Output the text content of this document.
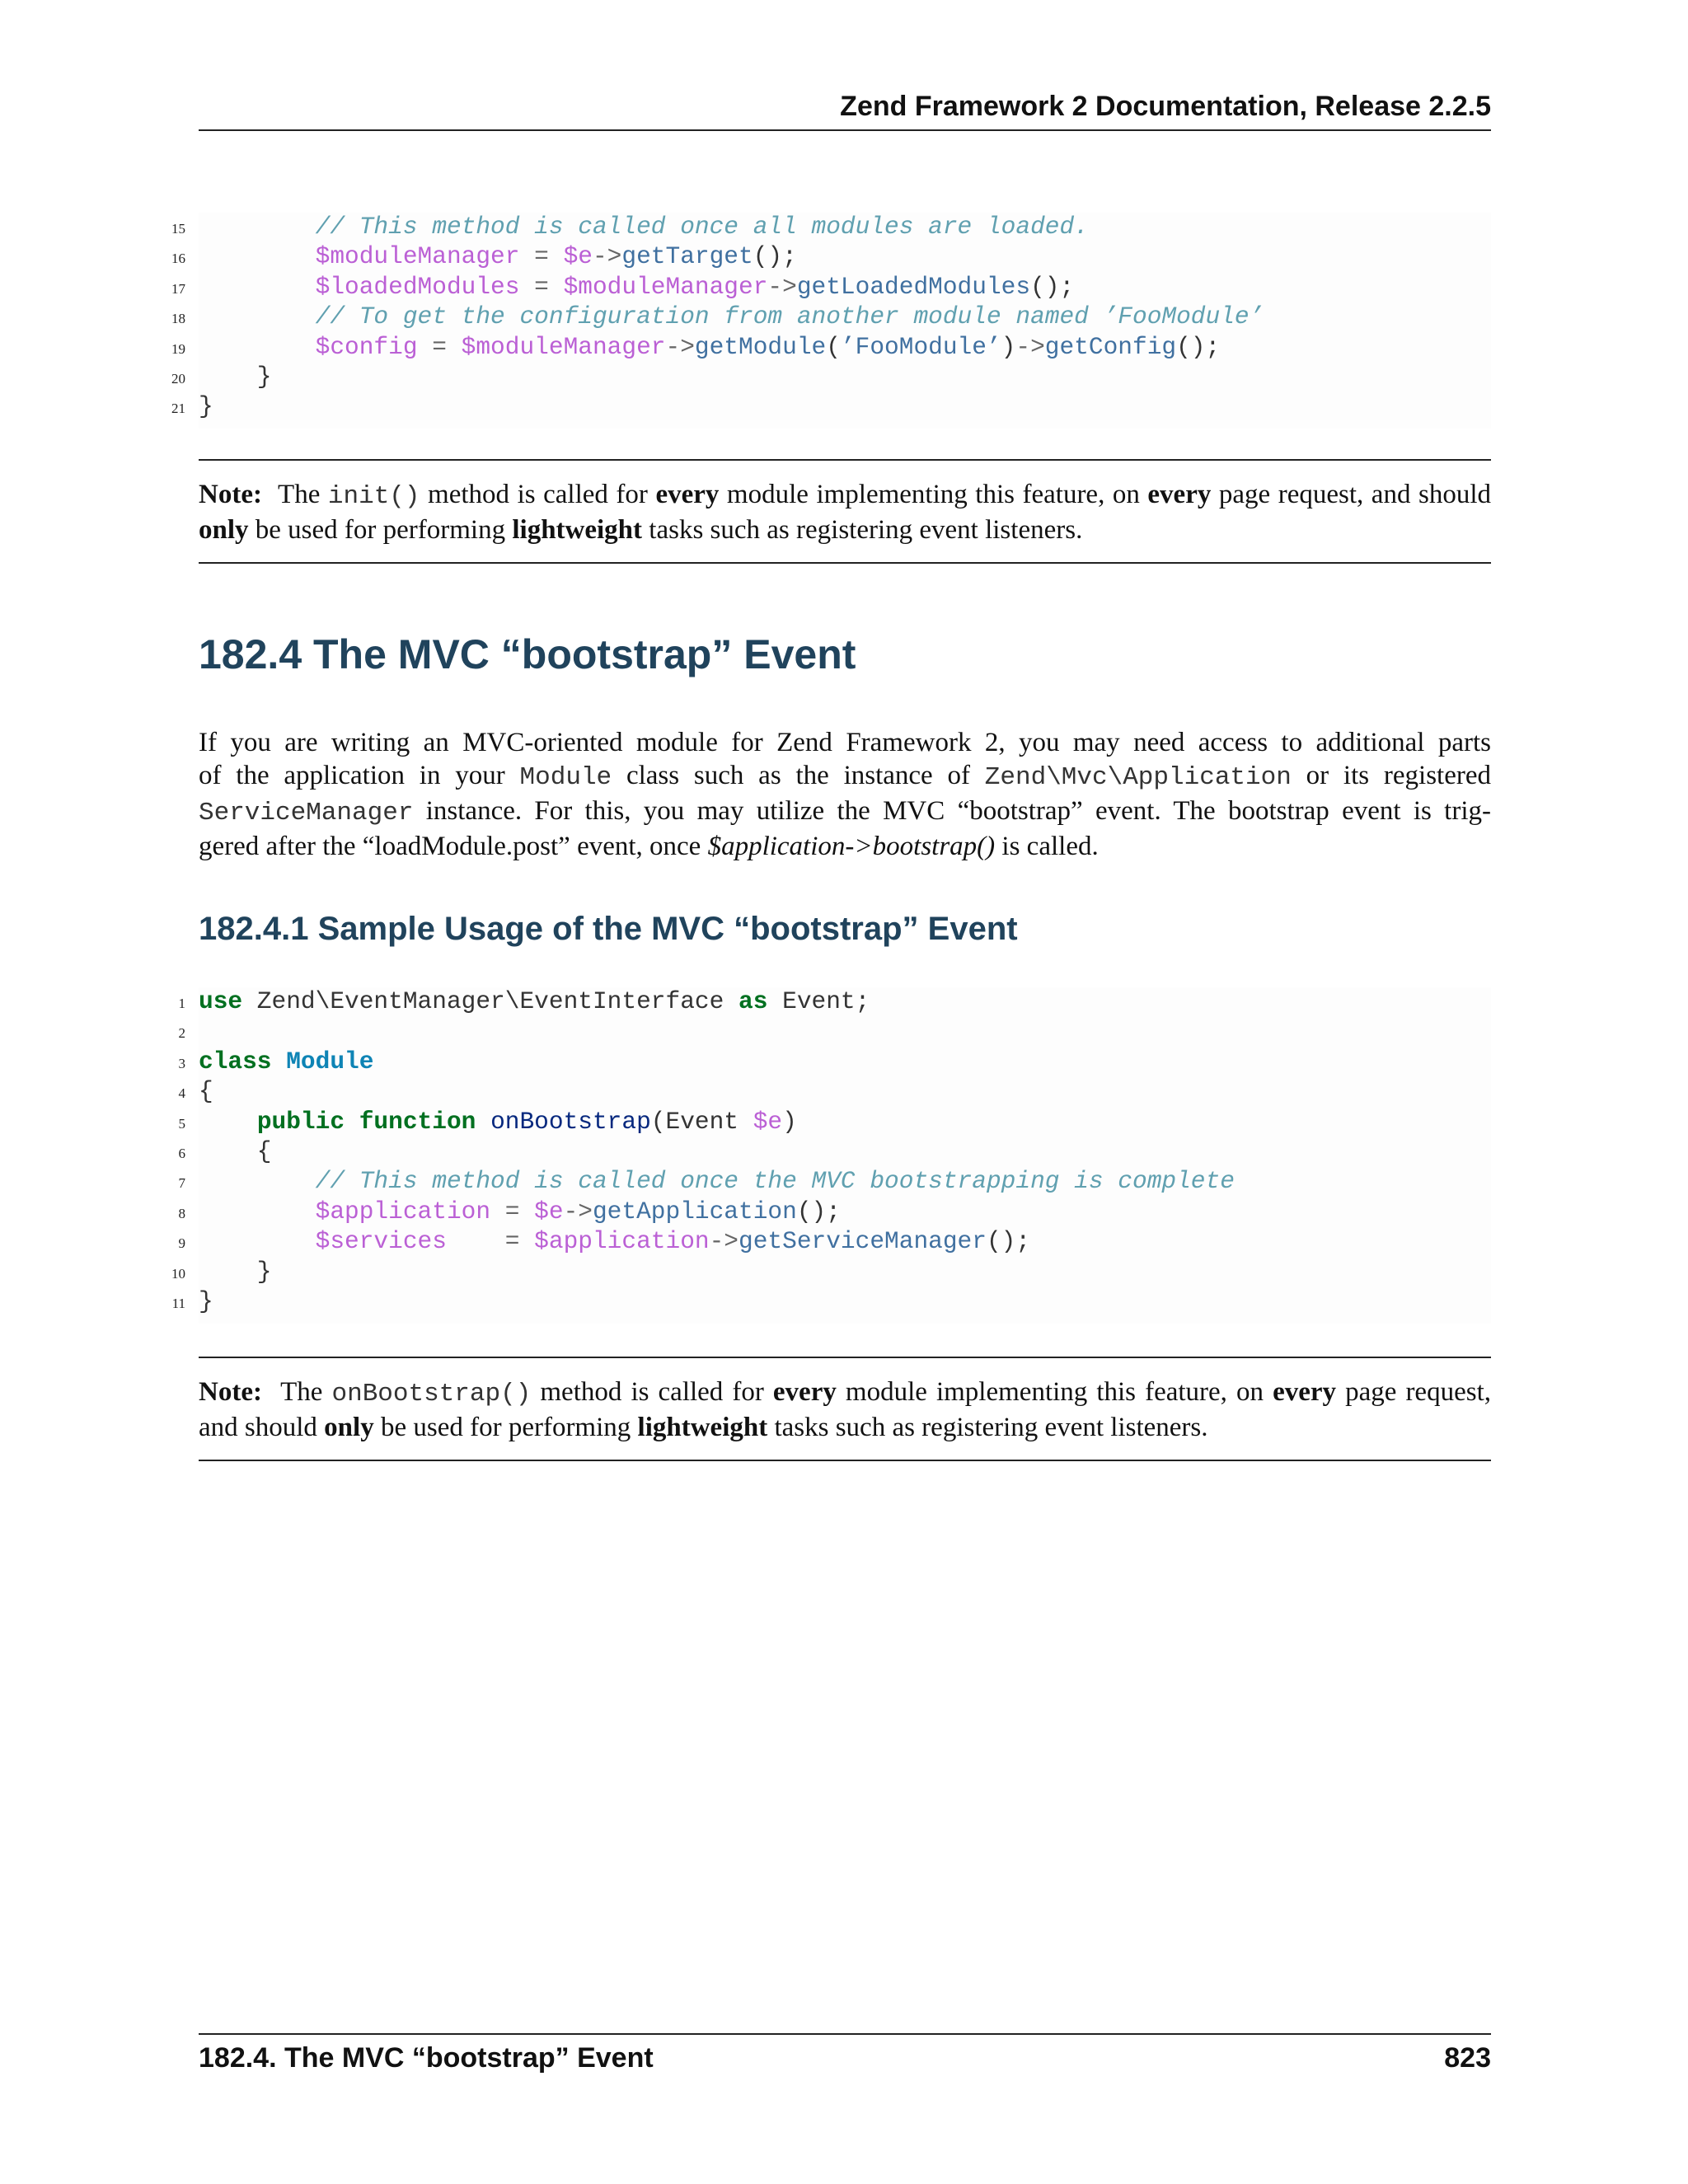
Zend Framework 2 Documentation, Release 2.2.5
15	// This method is called once all modules are loaded.
16	$moduleManager = $e->getTarget();
17	$loadedModules = $moduleManager->getLoadedModules();
18	// To get the configuration from another module named ’FooModule’
19	$config = $moduleManager->getModule(’FooModule’)->getConfig();
20 }
21 }
Note: The init() method is called for every module implementing this feature, on every page request, and should
only be used for performing lightweight tasks such as registering event listeners.
182.4 The MVC “bootstrap” Event
If you are writing an MVC-oriented module for Zend Framework 2, you may need access to additional parts
of the application in your Module class such as the instance of Zend\Mvc\Application or its registered
ServiceManager instance. For this, you may utilize the MVC “bootstrap” event. The bootstrap event is trig-
gered after the “loadModule.post” event, once $application->bootstrap() is called.
182.4.1 Sample Usage of the MVC “bootstrap” Event
1 use Zend\EventManager\EventInterface as Event;
2
3 class Module
4 {
5	public function onBootstrap(Event $e)
6 {
7	// This method is called once the MVC bootstrapping is complete
8	$application = $e->getApplication();
9	$services    = $application->getServiceManager();
10 }
11 }
Note: The onBootstrap() method is called for every module implementing this feature, on every page request,
and should only be used for performing lightweight tasks such as registering event listeners.
182.4. The MVC “bootstrap” Event	823
